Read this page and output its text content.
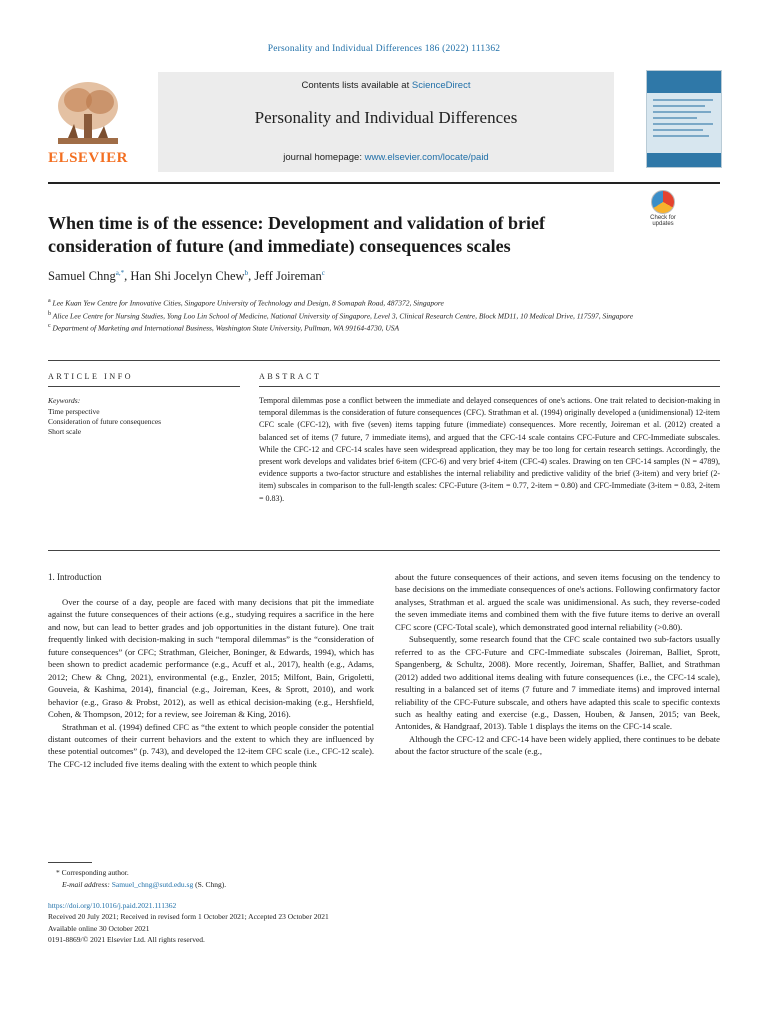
Personality and Individual Differences 186 (2022) 111362
ELSEVIER
Contents lists available at ScienceDirect
Personality and Individual Differences
journal homepage: www.elsevier.com/locate/paid
Check for updates
When time is of the essence: Development and validation of brief consideration of future (and immediate) consequences scales
Samuel Chng$^{a,*}$, Han Shi Jocelyn Chew$^b$, Jeff Joireman$^c$
$^a$ Lee Kuan Yew Centre for Innovative Cities, Singapore University of Technology and Design, 8 Somapah Road, 487372, Singapore
$^b$ Alice Lee Centre for Nursing Studies, Yong Loo Lin School of Medicine, National University of Singapore, Level 3, Clinical Research Centre, Block MD11, 10 Medical Drive, 117597, Singapore
$^c$ Department of Marketing and International Business, Washington State University, Pullman, WA 99164-4730, USA
ARTICLE INFO	ABSTRACT
Keywords:
Time perspective
Consideration of future consequences
Short scale
Temporal dilemmas pose a conflict between the immediate and delayed consequences of one's actions. One trait related to decision-making in temporal dilemmas is the consideration of future consequences (CFC). Strathman et al. (1994) originally developed a (unidimensional) 12-item CFC scale (CFC-12), with five (seven) items tapping future (immediate) consequences. More recently, Joireman et al. (2012) created a balanced set of items (7 future, 7 immediate items), and argued that the CFC-14 scale contains CFC-Future and CFC-Immediate subscales. While the CFC-12 and CFC-14 scales have seen widespread application, they may be too long for certain research settings. Accordingly, the present work develops and validates brief 6-item (CFC-6) and very brief 4-item (CFC-4) scales. Drawing on ten CFC-14 samples (N = 4789), evidence supports a two-factor structure and establishes the internal reliability and predictive validity of the brief (3-item) and very brief (2-item) subscales in comparison to the full-length scales: CFC-Future (3-item = 0.77, 2-item = 0.80) and CFC-Immediate (3-item = 0.83, 2-item = 0.83).
1. Introduction

Over the course of a day, people are faced with many decisions that pit the immediate against the future consequences of their actions (e.g., studying requires a sacrifice in the here and now, but can lead to better grades and job opportunities in the distant future). One trait frequently linked with decision-making in such “temporal dilemmas” is the “consideration of future consequences” (or CFC; Strathman, Gleicher, Boninger, & Edwards, 1994), which has been shown to predict academic performance (e.g., Acuff et al., 2017), health (e.g., Adams, 2012; Chew & Chng, 2021), environmental (e.g., Enzler, 2015; Milfont, Bain, Grigoletti, Gouveia, & Kashima, 2014), financial (e.g., Joireman, Kees, & Sprott, 2010), and work behavior (e.g., Graso & Probst, 2012), as well as ethical decision-making (e.g., Hershfield, Cohen, & Thompson, 2012; for a review, see Joireman & King, 2016).

Strathman et al. (1994) defined CFC as “the extent to which people consider the potential distant outcomes of their current behaviors and the extent to which they are influenced by these potential outcomes” (p. 743), and developed the 12-item CFC scale (i.e., CFC-12 scale). The CFC-12 included five items dealing with the extent to which people think

about the future consequences of their actions, and seven items focusing on the tendency to base decisions on the immediate consequences of one's actions. Following confirmatory factor analyses, Strathman et al. argued the scale was unidimensional. As such, they reverse-coded the seven immediate items and combined them with the five future items to derive an overall CFC score (CFC-Total scale), which demonstrated good internal reliability (>0.80).

Subsequently, some research found that the CFC scale contained two sub-factors usually referred to as the CFC-Future and CFC-Immediate subscales (Joireman, Balliet, Sprott, Spangenberg, & Schultz, 2008). More recently, Joireman, Shaffer, Balliet, and Strathman (2012) added two additional items dealing with future consequences (i.e., the CFC-14 scale), resulting in a balanced set of items (7 future and 7 immediate items) and improved internal reliability of the CFC-Future subscale, and others have adapted this scale to specific contexts such as healthy eating and exercise (e.g., Dassen, Houben, & Jansen, 2015; van Beek, Antonides, & Handgraaf, 2013). Table 1 displays the items on the CFC-14 scale.

Although the CFC-12 and CFC-14 have been widely applied, there continues to be debate about the factor structure of the scale (e.g.,

* Corresponding author.
E-mail address: Samuel_chng@sutd.edu.sg (S. Chng).
https://doi.org/10.1016/j.paid.2021.111362
Received 20 July 2021; Received in revised form 1 October 2021; Accepted 23 October 2021
Available online 30 October 2021
0191-8869/© 2021 Elsevier Ltd. All rights reserved.
